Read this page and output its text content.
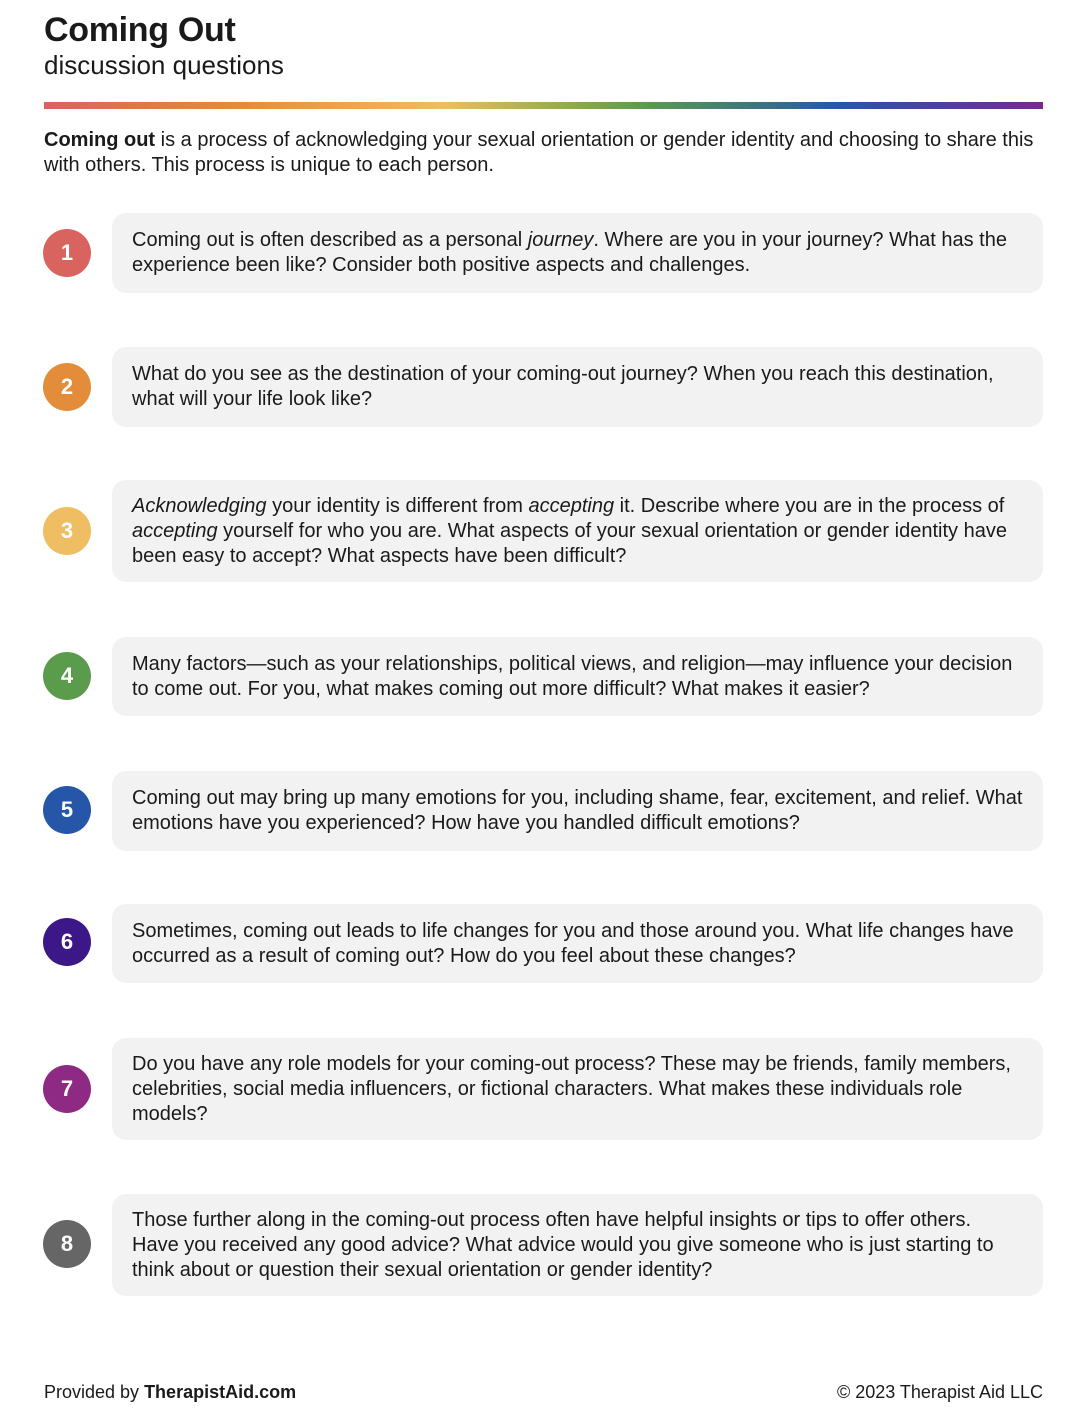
Coming Out
discussion questions
Coming out is a process of acknowledging your sexual orientation or gender identity and choosing to share this with others. This process is unique to each person.
1	Coming out is often described as a personal journey. Where are you in your journey? What has the experience been like? Consider both positive aspects and challenges.
2	What do you see as the destination of your coming-out journey? When you reach this destination, what will your life look like?
3
Acknowledging your identity is different from accepting it. Describe where you are in the process of accepting yourself for who you are. What aspects of your sexual orientation or gender identity have been easy to accept? What aspects have been difficult?
4	Many factors—such as your relationships, political views, and religion—may influence your decision to come out. For you, what makes coming out more difficult? What makes it easier?
5	Coming out may bring up many emotions for you, including shame, fear, excitement, and relief. What emotions have you experienced? How have you handled difficult emotions?
6	Sometimes, coming out leads to life changes for you and those around you. What life changes have occurred as a result of coming out? How do you feel about these changes?
7
Do you have any role models for your coming-out process? These may be friends, family members, celebrities, social media influencers, or fictional characters. What makes these individuals role models?
8
Those further along in the coming-out process often have helpful insights or tips to offer others. Have you received any good advice? What advice would you give someone who is just starting to think about or question their sexual orientation or gender identity?
Provided by TherapistAid.com	© 2023 Therapist Aid LLC
